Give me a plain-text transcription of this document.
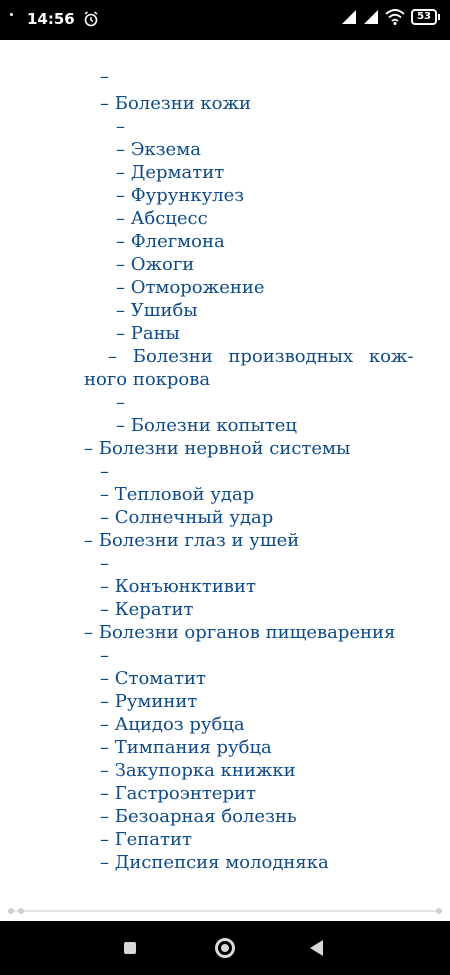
14:56	53
–
– Болезни кожи
–
– Экзема
– Дерматит
– Фурункулез
– Абсцесс
– Флегмона
– Ожоги
– Отморожение
– Ушибы
– Раны
– Болезни производных кож-
ного покрова
–
– Болезни копытец
– Болезни нервной системы
–
– Тепловой удар
– Солнечный удар
– Болезни глаз и ушей
–
– Конъюнктивит
– Кератит
– Болезни органов пищеварения
–
– Стоматит
– Руминит
– Ацидоз рубца
– Тимпания рубца
– Закупорка книжки
– Гастроэнтерит
– Безоарная болезнь
– Гепатит
– Диспепсия молодняка
